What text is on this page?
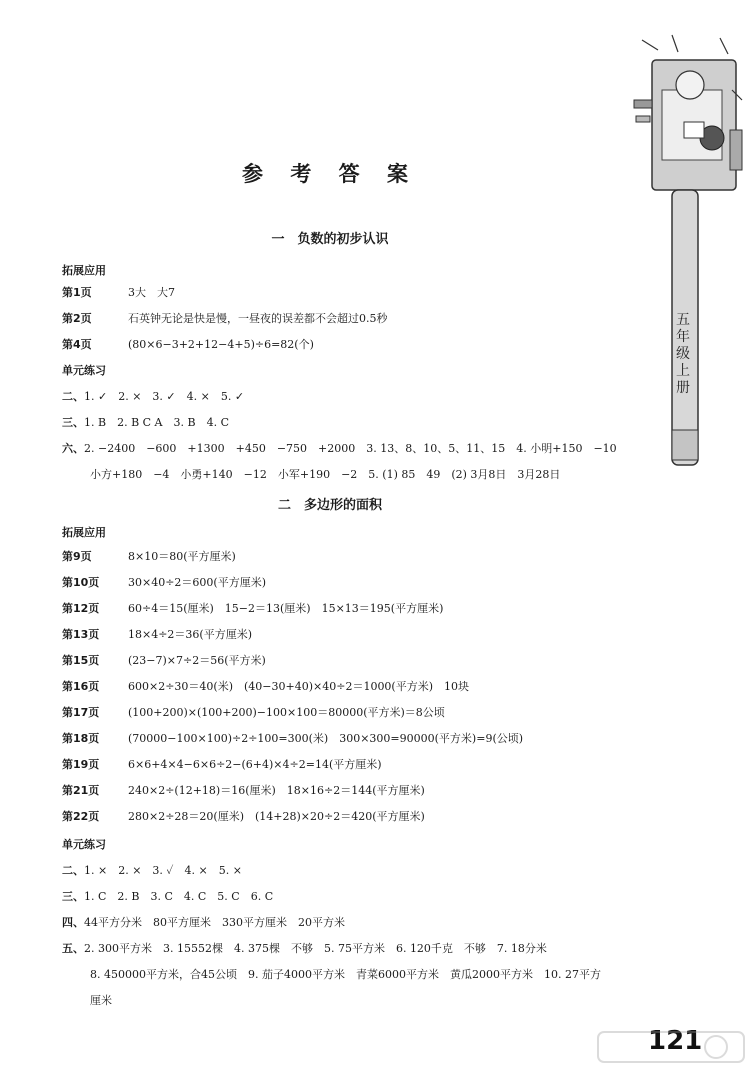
五年级上册
参 考 答 案
一　负数的初步认识
拓展应用
第1页	3大　大7
第2页	石英钟无论是快是慢，一昼夜的误差都不会超过0.5秒
第4页	(80×6−3+2+12−4+5)÷6=82(个)
单元练习
二、1. ✓　2. ×　3. ✓　4. ×　5. ✓
三、1. B　2. B C A　3. B　4. C
六、2. −2400　−600　+1300　+450　−750　+2000　3. 13、8、10、5、11、15　4. 小明+150　−10
小方+180　−4　小勇+140　−12　小军+190　−2　5. (1) 85　49　(2) 3月8日　3月28日
二　多边形的面积
拓展应用
第9页	8×10＝80(平方厘米)
第10页	30×40÷2＝600(平方厘米)
第12页	60÷4＝15(厘米)　15−2＝13(厘米)　15×13＝195(平方厘米)
第13页	18×4÷2＝36(平方厘米)
第15页	(23−7)×7÷2＝56(平方米)
第16页	600×2÷30＝40(米)　(40−30+40)×40÷2＝1000(平方米)　10块
第17页	(100+200)×(100+200)−100×100＝80000(平方米)＝8公顷
第18页	(70000−100×100)÷2÷100=300(米)　300×300=90000(平方米)=9(公顷)
第19页	6×6+4×4−6×6÷2−(6+4)×4÷2=14(平方厘米)
第21页	240×2÷(12+18)＝16(厘米)　18×16÷2＝144(平方厘米)
第22页	280×2÷28＝20(厘米)　(14+28)×20÷2＝420(平方厘米)
单元练习
二、1. ×　2. ×　3. ✓　4. ×　5. ×
三、1. C　2. B　3. C　4. C　5. C　6. C
四、44平方分米　80平方厘米　330平方厘米　20平方米
五、2. 300平方米　3. 15552棵　4. 375棵　不够　5. 75平方米　6. 120千克　不够　7. 18分米
8. 450000平方米，合45公顷　9. 茄子4000平方米　青菜6000平方米　黄瓜2000平方米　10. 27平方
厘米
121
